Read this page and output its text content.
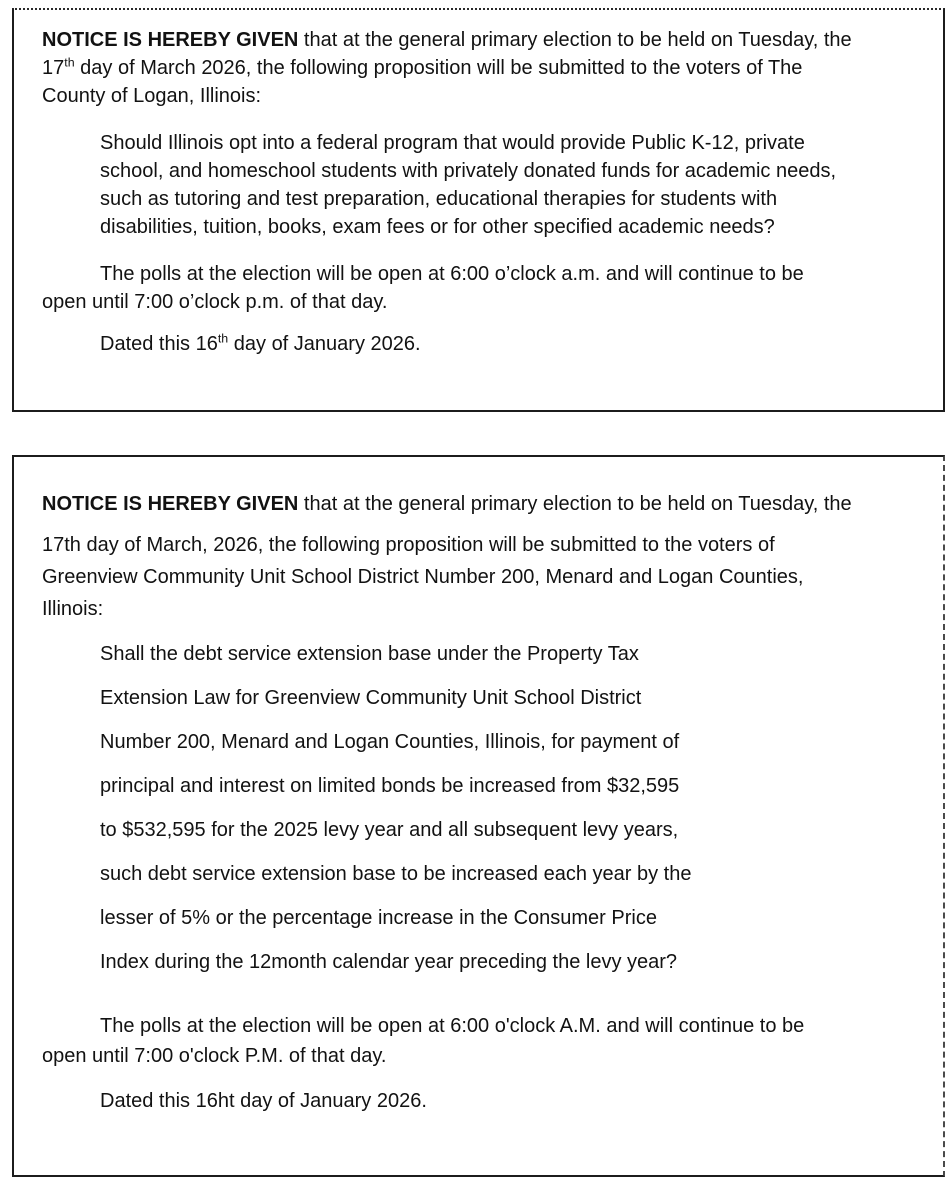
NOTICE IS HEREBY GIVEN that at the general primary election to be held on Tuesday, the
17th day of March 2026, the following proposition will be submitted to the voters of The
County of Logan, Illinois:
Should Illinois opt into a federal program that would provide Public K-12, private
school, and homeschool students with privately donated funds for academic needs,
such as tutoring and test preparation, educational therapies for students with
disabilities, tuition, books, exam fees or for other specified academic needs?
The polls at the election will be open at 6:00 o’clock a.m. and will continue to be
open until 7:00 o’clock p.m. of that day.
Dated this 16th day of January 2026.
NOTICE IS HEREBY GIVEN that at the general primary election to be held on Tuesday, the
17th day of March, 2026, the following proposition will be submitted to the voters of
Greenview Community Unit School District Number 200, Menard and Logan Counties,
Illinois:
Shall the debt service extension base under the Property Tax
Extension Law for Greenview Community Unit School District
Number 200, Menard and Logan Counties, Illinois, for payment of
principal and interest on limited bonds be increased from $32,595
to $532,595 for the 2025 levy year and all subsequent levy years,
such debt service extension base to be increased each year by the
lesser of 5% or the percentage increase in the Consumer Price
Index during the 12month calendar year preceding the levy year?
The polls at the election will be open at 6:00 o'clock A.M. and will continue to be
open until 7:00 o'clock P.M. of that day.
Dated this 16ht day of January 2026.
